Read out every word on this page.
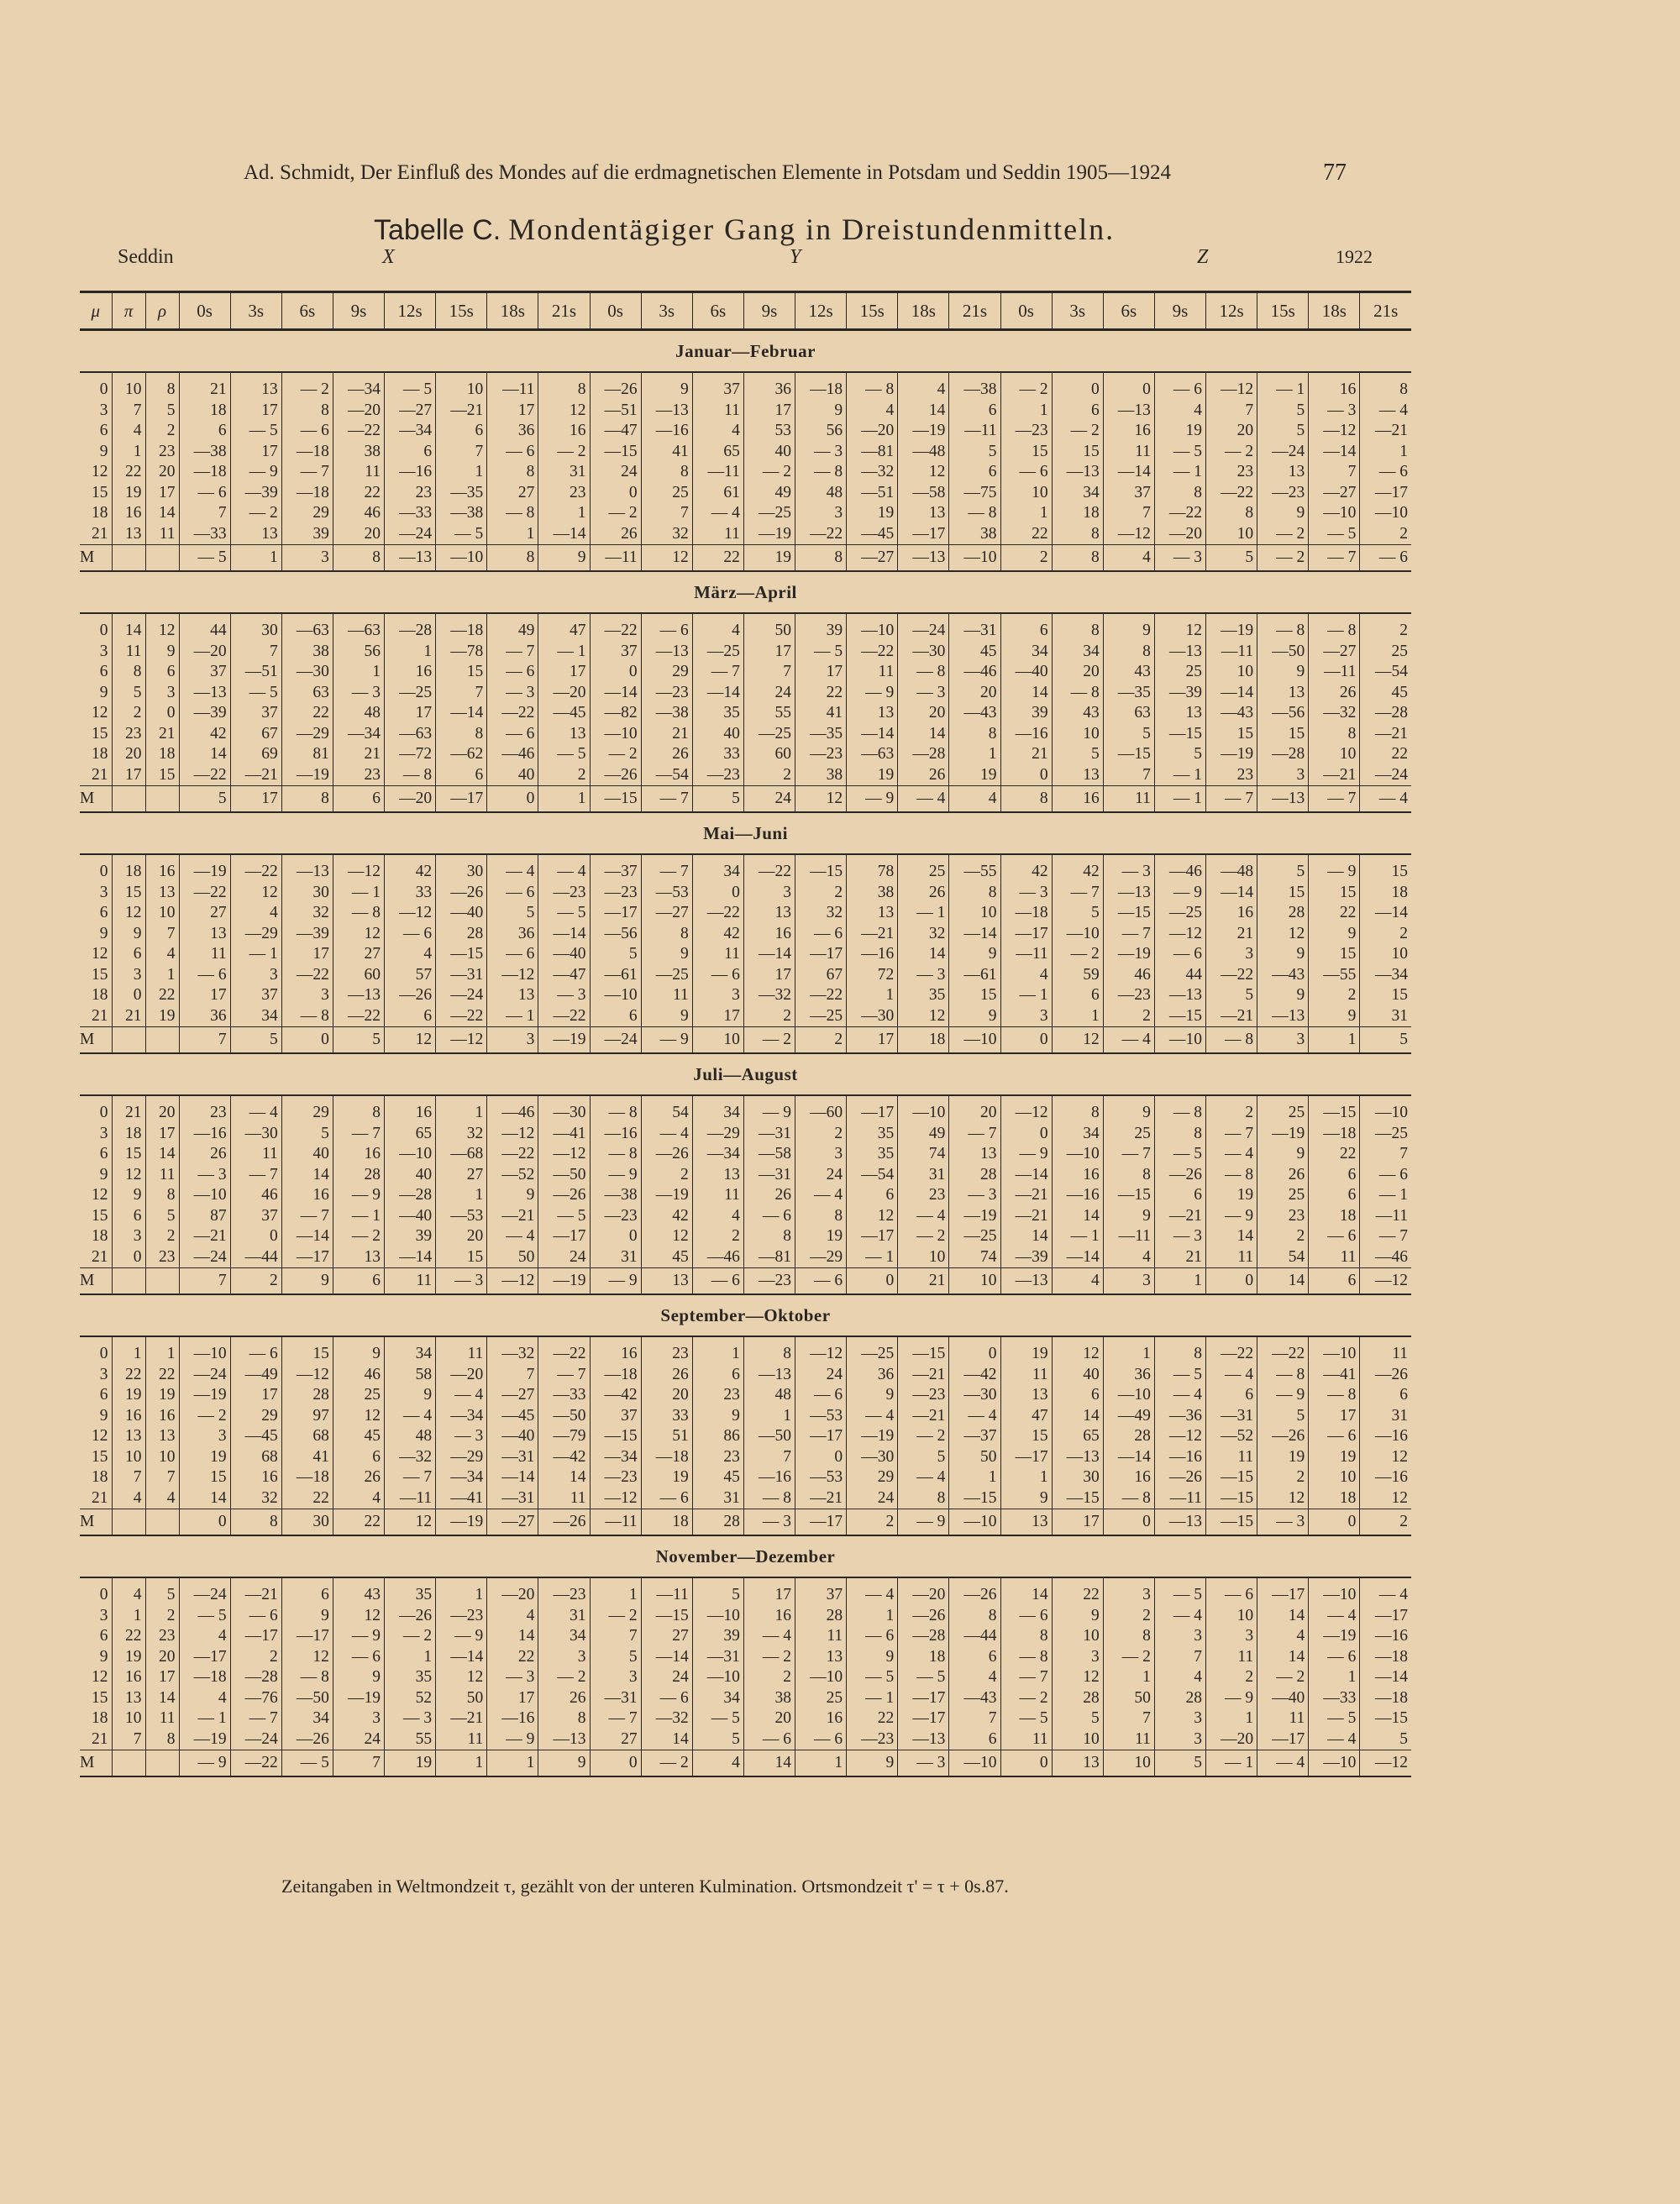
Ad. Schmidt, Der Einfluß des Mondes auf die erdmagnetischen Elemente in Potsdam und Seddin 1905—1924	77
Tabelle C. Mondentägiger Gang in Dreistundenmitteln.
Seddin	X	Y	Z	1922
μ	π	ρ	0s	3s	6s	9s	12s	15s	18s	21s	0s	3s	6s	9s	12s	15s	18s	21s	0s	3s	6s	9s	12s	15s	18s	21s
Januar—Februar																										
0	10	8	21	13	— 2	—34	— 5	10	—11	8	—26	9	37	36	—18	— 8	4	—38	— 2	0	0	— 6	—12	— 1	16	8
3	7	5	18	17	8	—20	—27	—21	17	12	—51	—13	11	17	9	4	14	6	1	6	—13	4	7	5	— 3	— 4
6	4	2	6	— 5	— 6	—22	—34	6	36	16	—47	—16	4	53	56	—20	—19	—11	—23	— 2	16	19	20	5	—12	—21
9	1	23	—38	17	—18	38	6	7	— 6	— 2	—15	41	65	40	— 3	—81	—48	5	15	15	11	— 5	— 2	—24	—14	1
12	22	20	—18	— 9	— 7	11	—16	1	8	31	24	8	—11	— 2	— 8	—32	12	6	— 6	—13	—14	— 1	23	13	7	— 6
15	19	17	— 6	—39	—18	22	23	—35	27	23	0	25	61	49	48	—51	—58	—75	10	34	37	8	—22	—23	—27	—17
18	16	14	7	— 2	29	46	—33	—38	— 8	1	— 2	7	— 4	—25	3	19	13	— 8	1	18	7	—22	8	9	—10	—10
21	13	11	—33	13	39	20	—24	— 5	1	—14	26	32	11	—19	—22	—45	—17	38	22	8	—12	—20	10	— 2	— 5	2
M			— 5	1	3	8	—13	—10	8	9	—11	12	22	19	8	—27	—13	—10	2	8	4	— 3	5	— 2	— 7	— 6
März—April																										
0	14	12	44	30	—63	—63	—28	—18	49	47	—22	— 6	4	50	39	—10	—24	—31	6	8	9	12	—19	— 8	— 8	2
3	11	9	—20	7	38	56	1	—78	— 7	— 1	37	—13	—25	17	— 5	—22	—30	45	34	34	8	—13	—11	—50	—27	25
6	8	6	37	—51	—30	1	16	15	— 6	17	0	29	— 7	7	17	11	— 8	—46	—40	20	43	25	10	9	—11	—54
9	5	3	—13	— 5	63	— 3	—25	7	— 3	—20	—14	—23	—14	24	22	— 9	— 3	20	14	— 8	—35	—39	—14	13	26	45
12	2	0	—39	37	22	48	17	—14	—22	—45	—82	—38	35	55	41	13	20	—43	39	43	63	13	—43	—56	—32	—28
15	23	21	42	67	—29	—34	—63	8	— 6	13	—10	21	40	—25	—35	—14	14	8	—16	10	5	—15	15	15	8	—21
18	20	18	14	69	81	21	—72	—62	—46	— 5	— 2	26	33	60	—23	—63	—28	1	21	5	—15	5	—19	—28	10	22
21	17	15	—22	—21	—19	23	— 8	6	40	2	—26	—54	—23	2	38	19	26	19	0	13	7	— 1	23	3	—21	—24
M			5	17	8	6	—20	—17	0	1	—15	— 7	5	24	12	— 9	— 4	4	8	16	11	— 1	— 7	—13	— 7	— 4
Mai—Juni																										
0	18	16	—19	—22	—13	—12	42	30	— 4	— 4	—37	— 7	34	—22	—15	78	25	—55	42	42	— 3	—46	—48	5	— 9	15
3	15	13	—22	12	30	— 1	33	—26	— 6	—23	—23	—53	0	3	2	38	26	8	— 3	— 7	—13	— 9	—14	15	15	18
6	12	10	27	4	32	— 8	—12	—40	5	— 5	—17	—27	—22	13	32	13	— 1	10	—18	5	—15	—25	16	28	22	—14
9	9	7	13	—29	—39	12	— 6	28	36	—14	—56	8	42	16	— 6	—21	32	—14	—17	—10	— 7	—12	21	12	9	2
12	6	4	11	— 1	17	27	4	—15	— 6	—40	5	9	11	—14	—17	—16	14	9	—11	— 2	—19	— 6	3	9	15	10
15	3	1	— 6	3	—22	60	57	—31	—12	—47	—61	—25	— 6	17	67	72	— 3	—61	4	59	46	44	—22	—43	—55	—34
18	0	22	17	37	3	—13	—26	—24	13	— 3	—10	11	3	—32	—22	1	35	15	— 1	6	—23	—13	5	9	2	15
21	21	19	36	34	— 8	—22	6	—22	— 1	—22	6	9	17	2	—25	—30	12	9	3	1	2	—15	—21	—13	9	31
M			7	5	0	5	12	—12	3	—19	—24	— 9	10	— 2	2	17	18	—10	0	12	— 4	—10	— 8	3	1	5
Juli—August																										
0	21	20	23	— 4	29	8	16	1	—46	—30	— 8	54	34	— 9	—60	—17	—10	20	—12	8	9	— 8	2	25	—15	—10
3	18	17	—16	—30	5	— 7	65	32	—12	—41	—16	— 4	—29	—31	2	35	49	— 7	0	34	25	8	— 7	—19	—18	—25
6	15	14	26	11	40	16	—10	—68	—22	—12	— 8	—26	—34	—58	3	35	74	13	— 9	—10	— 7	— 5	— 4	9	22	7
9	12	11	— 3	— 7	14	28	40	27	—52	—50	— 9	2	13	—31	24	—54	31	28	—14	16	8	—26	— 8	26	6	— 6
12	9	8	—10	46	16	— 9	—28	1	9	—26	—38	—19	11	26	— 4	6	23	— 3	—21	—16	—15	6	19	25	6	— 1
15	6	5	87	37	— 7	— 1	—40	—53	—21	— 5	—23	42	4	— 6	8	12	— 4	—19	—21	14	9	—21	— 9	23	18	—11
18	3	2	—21	0	—14	— 2	39	20	— 4	—17	0	12	2	8	19	—17	— 2	—25	14	— 1	—11	— 3	14	2	— 6	— 7
21	0	23	—24	—44	—17	13	—14	15	50	24	31	45	—46	—81	—29	— 1	10	74	—39	—14	4	21	11	54	11	—46
M			7	2	9	6	11	— 3	—12	—19	— 9	13	— 6	—23	— 6	0	21	10	—13	4	3	1	0	14	6	—12
September—Oktober																										
0	1	1	—10	— 6	15	9	34	11	—32	—22	16	23	1	8	—12	—25	—15	0	19	12	1	8	—22	—22	—10	11
3	22	22	—24	—49	—12	46	58	—20	7	— 7	—18	26	6	—13	24	36	—21	—42	11	40	36	— 5	— 4	— 8	—41	—26
6	19	19	—19	17	28	25	9	— 4	—27	—33	—42	20	23	48	— 6	9	—23	—30	13	6	—10	— 4	6	— 9	— 8	6
9	16	16	— 2	29	97	12	— 4	—34	—45	—50	37	33	9	1	—53	— 4	—21	— 4	47	14	—49	—36	—31	5	17	31
12	13	13	3	—45	68	45	48	— 3	—40	—79	—15	51	86	—50	—17	—19	— 2	—37	15	65	28	—12	—52	—26	— 6	—16
15	10	10	19	68	41	6	—32	—29	—31	—42	—34	—18	23	7	0	—30	5	50	—17	—13	—14	—16	11	19	19	12
18	7	7	15	16	—18	26	— 7	—34	—14	14	—23	19	45	—16	—53	29	— 4	1	1	30	16	—26	—15	2	10	—16
21	4	4	14	32	22	4	—11	—41	—31	11	—12	— 6	31	— 8	—21	24	8	—15	9	—15	— 8	—11	—15	12	18	12
M			0	8	30	22	12	—19	—27	—26	—11	18	28	— 3	—17	2	— 9	—10	13	17	0	—13	—15	— 3	0	2
November—Dezember																										
0	4	5	—24	—21	6	43	35	1	—20	—23	1	—11	5	17	37	— 4	—20	—26	14	22	3	— 5	— 6	—17	—10	— 4
3	1	2	— 5	— 6	9	12	—26	—23	4	31	— 2	—15	—10	16	28	1	—26	8	— 6	9	2	— 4	10	14	— 4	—17
6	22	23	4	—17	—17	— 9	— 2	— 9	14	34	7	27	39	— 4	11	— 6	—28	—44	8	10	8	3	3	4	—19	—16
9	19	20	—17	2	12	— 6	1	—14	22	3	5	—14	—31	— 2	13	9	18	6	— 8	3	— 2	7	11	14	— 6	—18
12	16	17	—18	—28	— 8	9	35	12	— 3	— 2	3	24	—10	2	—10	— 5	— 5	4	— 7	12	1	4	2	— 2	1	—14
15	13	14	4	—76	—50	—19	52	50	17	26	—31	— 6	34	38	25	— 1	—17	—43	— 2	28	50	28	— 9	—40	—33	—18
18	10	11	— 1	— 7	34	3	— 3	—21	—16	8	— 7	—32	— 5	20	16	22	—17	7	— 5	5	7	3	1	11	— 5	—15
21	7	8	—19	—24	—26	24	55	11	— 9	—13	27	14	5	— 6	— 6	—23	—13	6	11	10	11	3	—20	—17	— 4	5
M			— 9	—22	— 5	7	19	1	1	9	0	— 2	4	14	1	9	— 3	—10	0	13	10	5	— 1	— 4	—10	—12
Zeitangaben in Weltmondzeit τ, gezählt von der unteren Kulmination. Ortsmondzeit τ' = τ + 0s.87.
